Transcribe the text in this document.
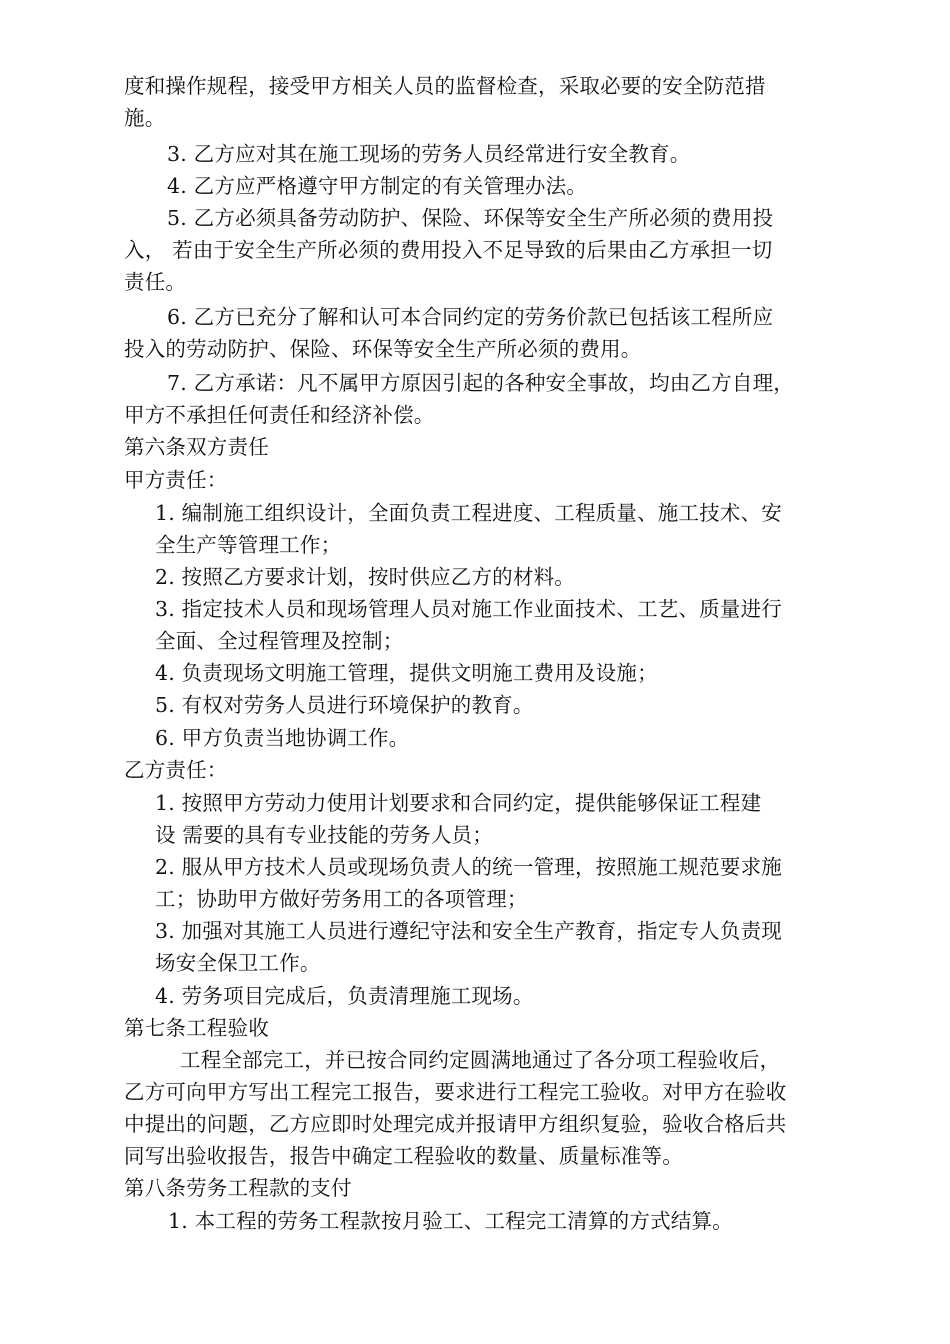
度和操作规程，接受甲方相关人员的监督检查，采取必要的安全防范措
施。
3. 乙方应对其在施工现场的劳务人员经常进行安全教育。
4. 乙方应严格遵守甲方制定的有关管理办法。
5. 乙方必须具备劳动防护、保险、环保等安全生产所必须的费用投
入， 若由于安全生产所必须的费用投入不足导致的后果由乙方承担一切
责任。
6. 乙方已充分了解和认可本合同约定的劳务价款已包括该工程所应
投入的劳动防护、保险、环保等安全生产所必须的费用。
7. 乙方承诺：凡不属甲方原因引起的各种安全事故，均由乙方自理，
甲方不承担任何责任和经济补偿。
第六条双方责任
甲方责任：
1. 编制施工组织设计，全面负责工程进度、工程质量、施工技术、安
全生产等管理工作；
2. 按照乙方要求计划，按时供应乙方的材料。
3. 指定技术人员和现场管理人员对施工作业面技术、工艺、质量进行
全面、全过程管理及控制；
4. 负责现场文明施工管理，提供文明施工费用及设施；
5. 有权对劳务人员进行环境保护的教育。
6. 甲方负责当地协调工作。
乙方责任：
1. 按照甲方劳动力使用计划要求和合同约定，提供能够保证工程建
设 需要的具有专业技能的劳务人员；
2. 服从甲方技术人员或现场负责人的统一管理，按照施工规范要求施
工；协助甲方做好劳务用工的各项管理；
3. 加强对其施工人员进行遵纪守法和安全生产教育，指定专人负责现
场安全保卫工作。
4. 劳务项目完成后，负责清理施工现场。
第七条工程验收
工程全部完工，并已按合同约定圆满地通过了各分项工程验收后，
乙方可向甲方写出工程完工报告，要求进行工程完工验收。对甲方在验收
中提出的问题，乙方应即时处理完成并报请甲方组织复验，验收合格后共
同写出验收报告，报告中确定工程验收的数量、质量标准等。
第八条劳务工程款的支付
1. 本工程的劳务工程款按月验工、工程完工清算的方式结算。
